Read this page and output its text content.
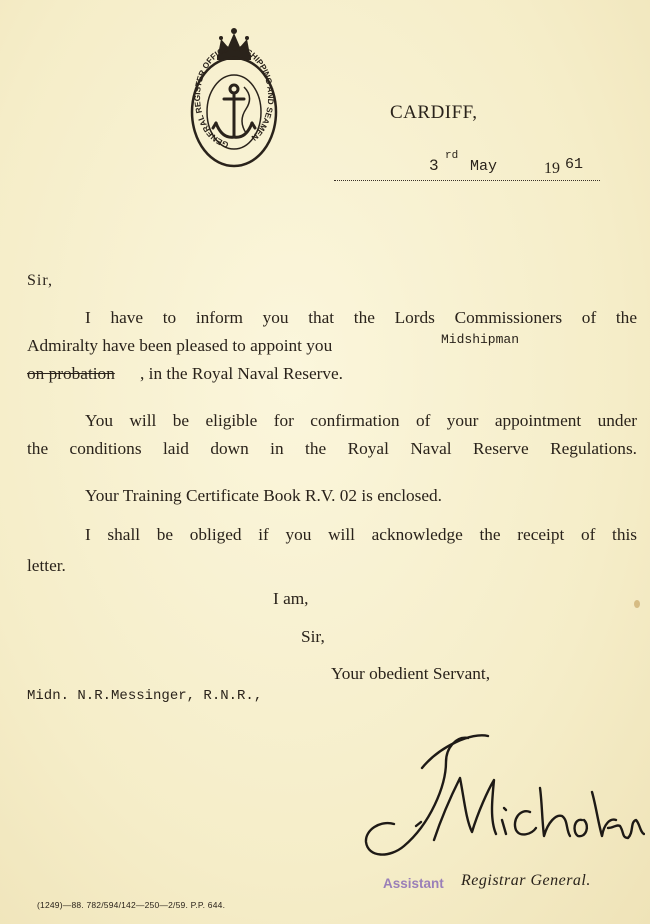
GENERAL REGISTER OFFICE OF SHIPPING AND SEAMEN
CARDIFF,
3
rd
May	19 61
Sir,
I have to inform you that the Lords Commissioners of the
Admiralty have been pleased to appoint you	Midshipman
on probation , in the Royal Naval Reserve.
You will be eligible for confirmation of your appointment under
the conditions laid down in the Royal Naval Reserve Regulations.
Your Training Certificate Book R.V. 02 is enclosed.
I shall be obliged if you will acknowledge the receipt of this
letter.
I am,
Sir,
Your obedient Servant,
Midn. N.R.Messinger, R.N.R.,
Assistant Registrar General.
(1249)—88. 782/594/142—250—2/59. P.P. 644.
